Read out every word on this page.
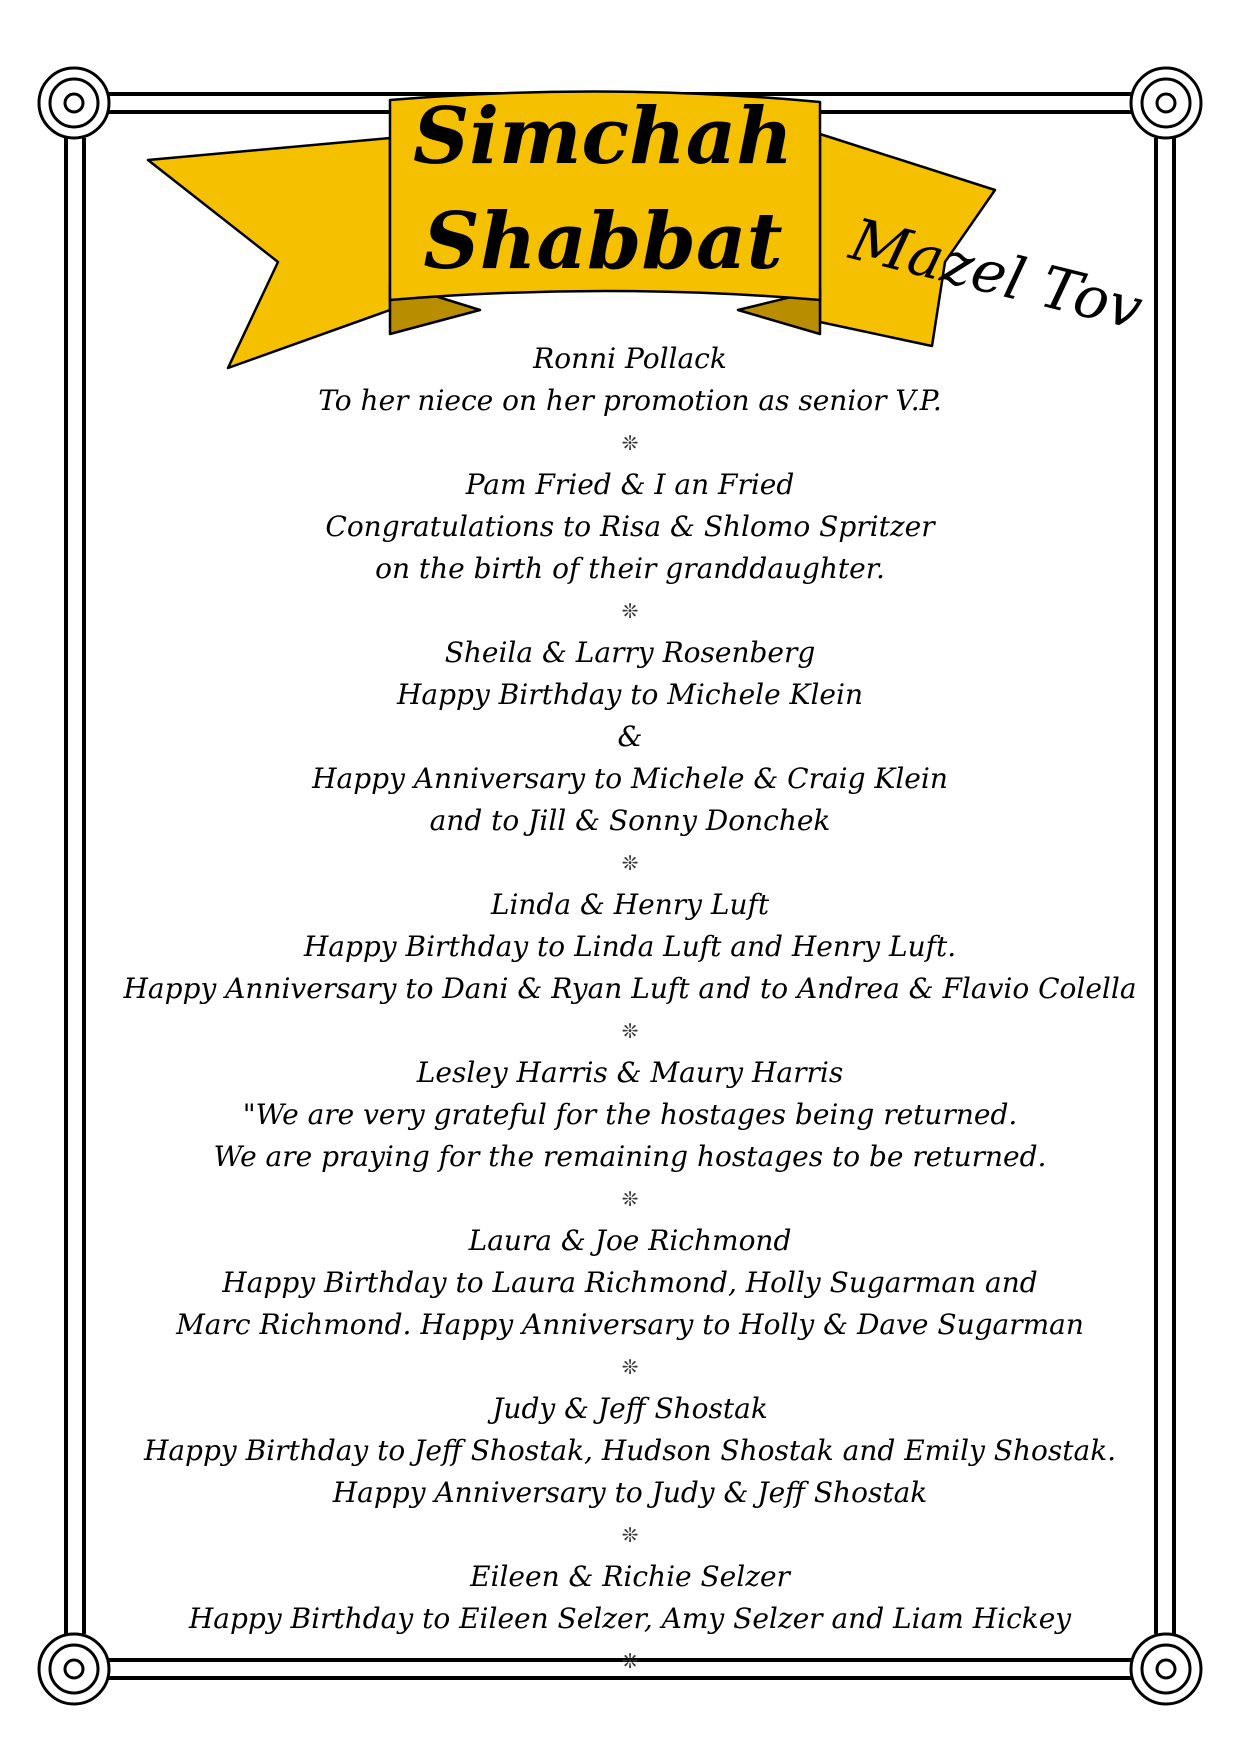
Simchah
Shabbat	Mazel Tov
Ronni Pollack
To her niece on her promotion as senior V.P.
❊
Pam Fried & I an Fried
Congratulations to Risa & Shlomo Spritzer
on the birth of their granddaughter.
❊
Sheila & Larry Rosenberg
Happy Birthday to Michele Klein
&
Happy Anniversary to Michele & Craig Klein
and to Jill & Sonny Donchek
❊
Linda & Henry Luft
Happy Birthday to Linda Luft and Henry Luft.
Happy Anniversary to Dani & Ryan Luft and to Andrea & Flavio Colella
❊
Lesley Harris & Maury Harris
"We are very grateful for the hostages being returned.
We are praying for the remaining hostages to be returned.
❊
Laura & Joe Richmond
Happy Birthday to Laura Richmond, Holly Sugarman and
Marc Richmond. Happy Anniversary to Holly & Dave Sugarman
❊
Judy & Jeff Shostak
Happy Birthday to Jeff Shostak, Hudson Shostak and Emily Shostak.
Happy Anniversary to Judy & Jeff Shostak
❊
Eileen & Richie Selzer
Happy Birthday to Eileen Selzer, Amy Selzer and Liam Hickey
❊
